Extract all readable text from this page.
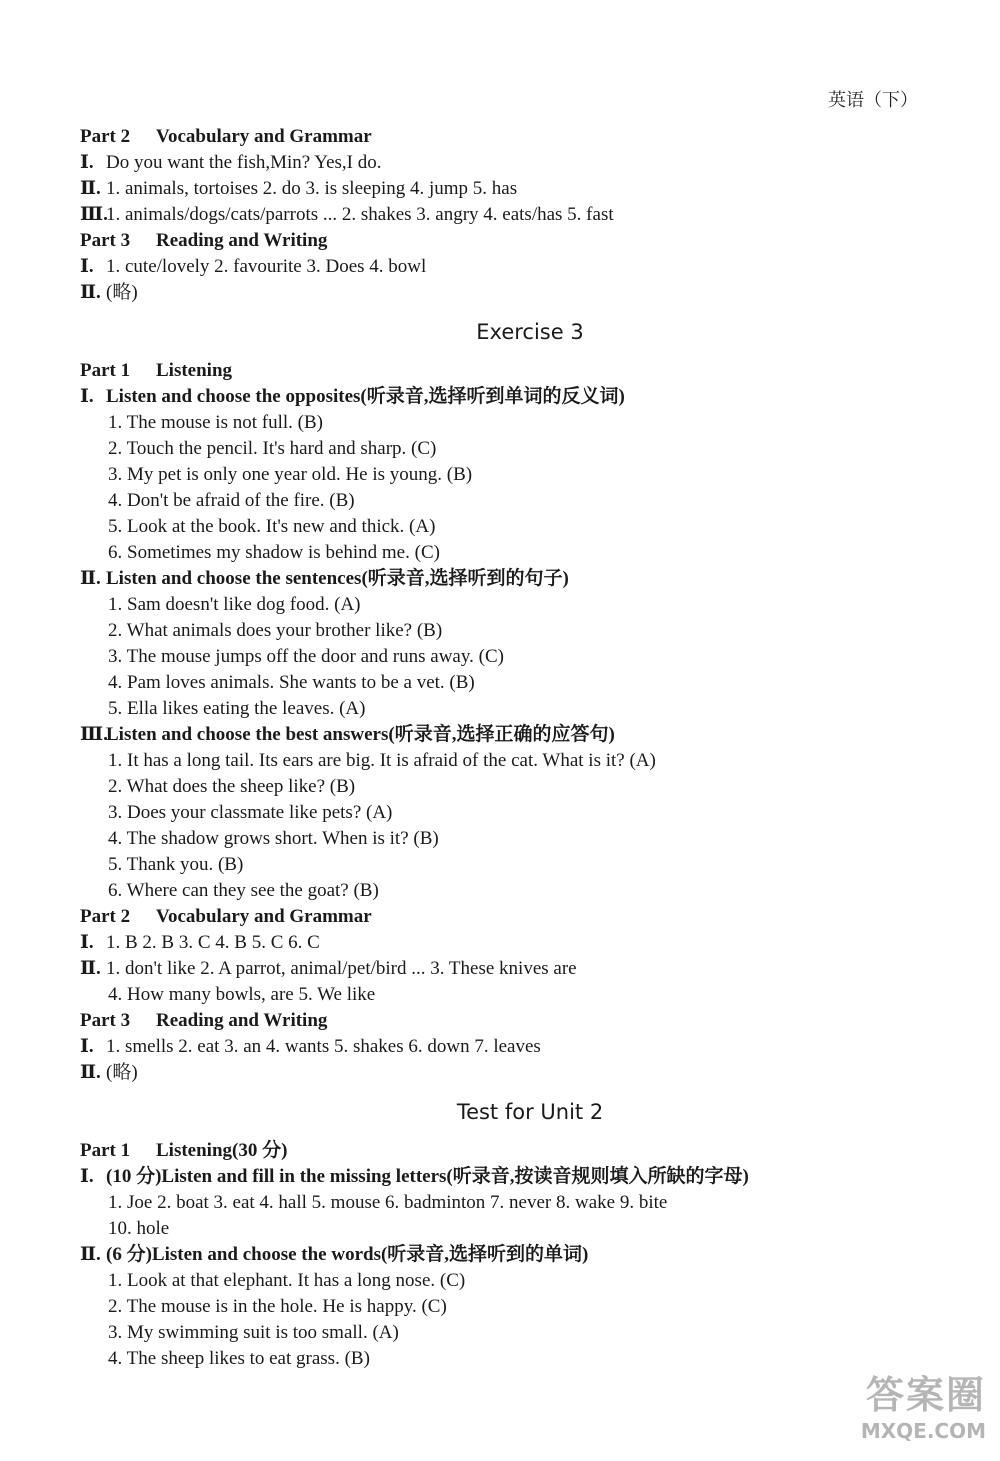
英语（下）
Part 2 Vocabulary and Grammar
Ⅰ. Do you want the fish,Min? Yes,I do.
Ⅱ. 1. animals, tortoises 2. do 3. is sleeping 4. jump 5. has
Ⅲ.1. animals/dogs/cats/parrots ... 2. shakes 3. angry 4. eats/has 5. fast
Part 3 Reading and Writing
Ⅰ. 1. cute/lovely 2. favourite 3. Does 4. bowl
Ⅱ. (略)
Exercise 3
Part 1 Listening
Ⅰ. Listen and choose the opposites(听录音,选择听到单词的反义词)
1. The mouse is not full. (B)
2. Touch the pencil. It's hard and sharp. (C)
3. My pet is only one year old. He is young. (B)
4. Don't be afraid of the fire. (B)
5. Look at the book. It's new and thick. (A)
6. Sometimes my shadow is behind me. (C)
Ⅱ. Listen and choose the sentences(听录音,选择听到的句子)
1. Sam doesn't like dog food. (A)
2. What animals does your brother like? (B)
3. The mouse jumps off the door and runs away. (C)
4. Pam loves animals. She wants to be a vet. (B)
5. Ella likes eating the leaves. (A)
Ⅲ.Listen and choose the best answers(听录音,选择正确的应答句)
1. It has a long tail. Its ears are big. It is afraid of the cat. What is it? (A)
2. What does the sheep like? (B)
3. Does your classmate like pets? (A)
4. The shadow grows short. When is it? (B)
5. Thank you. (B)
6. Where can they see the goat? (B)
Part 2 Vocabulary and Grammar
Ⅰ. 1. B 2. B 3. C 4. B 5. C 6. C
Ⅱ. 1. don't like 2. A parrot, animal/pet/bird ... 3. These knives are
4. How many bowls, are 5. We like
Part 3 Reading and Writing
Ⅰ. 1. smells 2. eat 3. an 4. wants 5. shakes 6. down 7. leaves
Ⅱ. (略)
Test for Unit 2
Part 1 Listening(30 分)
Ⅰ. (10 分)Listen and fill in the missing letters(听录音,按读音规则填入所缺的字母)
1. Joe 2. boat 3. eat 4. hall 5. mouse 6. badminton 7. never 8. wake 9. bite
10. hole
Ⅱ. (6 分)Listen and choose the words(听录音,选择听到的单词)
1. Look at that elephant. It has a long nose. (C)
2. The mouse is in the hole. He is happy. (C)
3. My swimming suit is too small. (A)
4. The sheep likes to eat grass. (B)
答案圈
MXQE.COM
